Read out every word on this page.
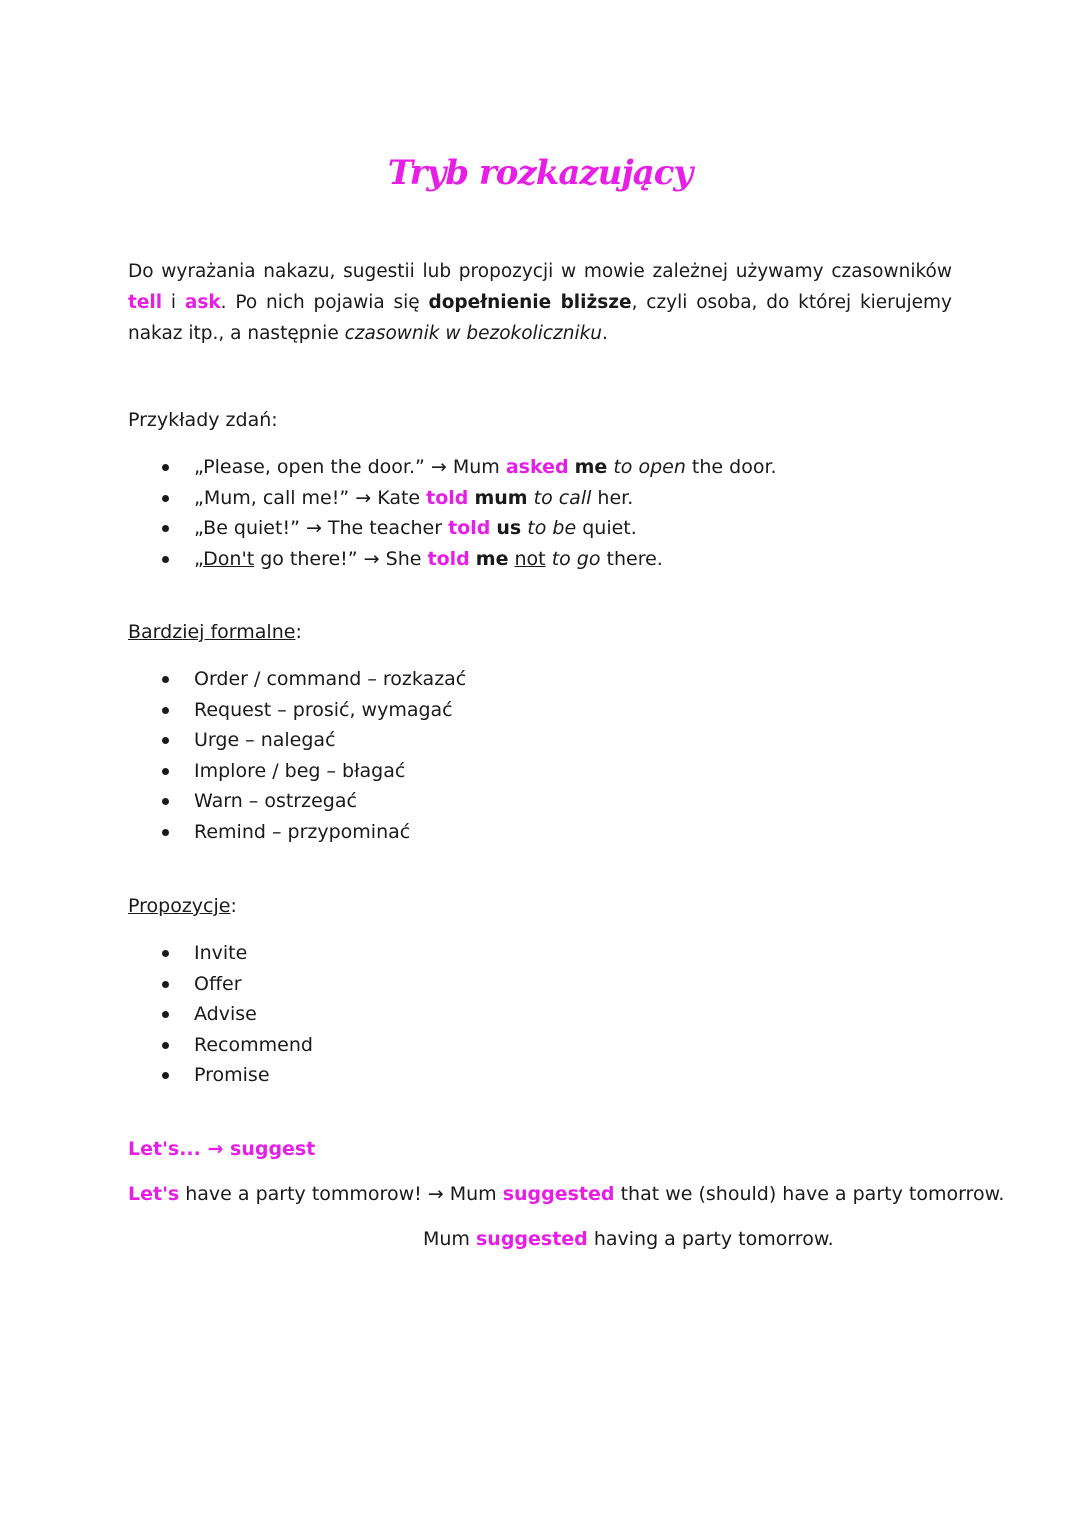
Tryb rozkazujący
Do wyrażania nakazu, sugestii lub propozycji w mowie zależnej używamy czasowników tell i ask. Po nich pojawia się dopełnienie bliższe, czyli osoba, do której kierujemy nakaz itp., a następnie czasownik w bezokoliczniku.
Przykłady zdań:
„Please, open the door.” → Mum asked me to open the door.
„Mum, call me!” → Kate told mum to call her.
„Be quiet!” → The teacher told us to be quiet.
„Don't go there!” → She told me not to go there.
Bardziej formalne:
Order / command – rozkazać
Request – prosić, wymagać
Urge – nalegać
Implore / beg – błagać
Warn – ostrzegać
Remind – przypominać
Propozycje:
Invite
Offer
Advise
Recommend
Promise
Let's... → suggest
Let's have a party tommorow! → Mum suggested that we (should) have a party tomorrow.
Mum suggested having a party tomorrow.
